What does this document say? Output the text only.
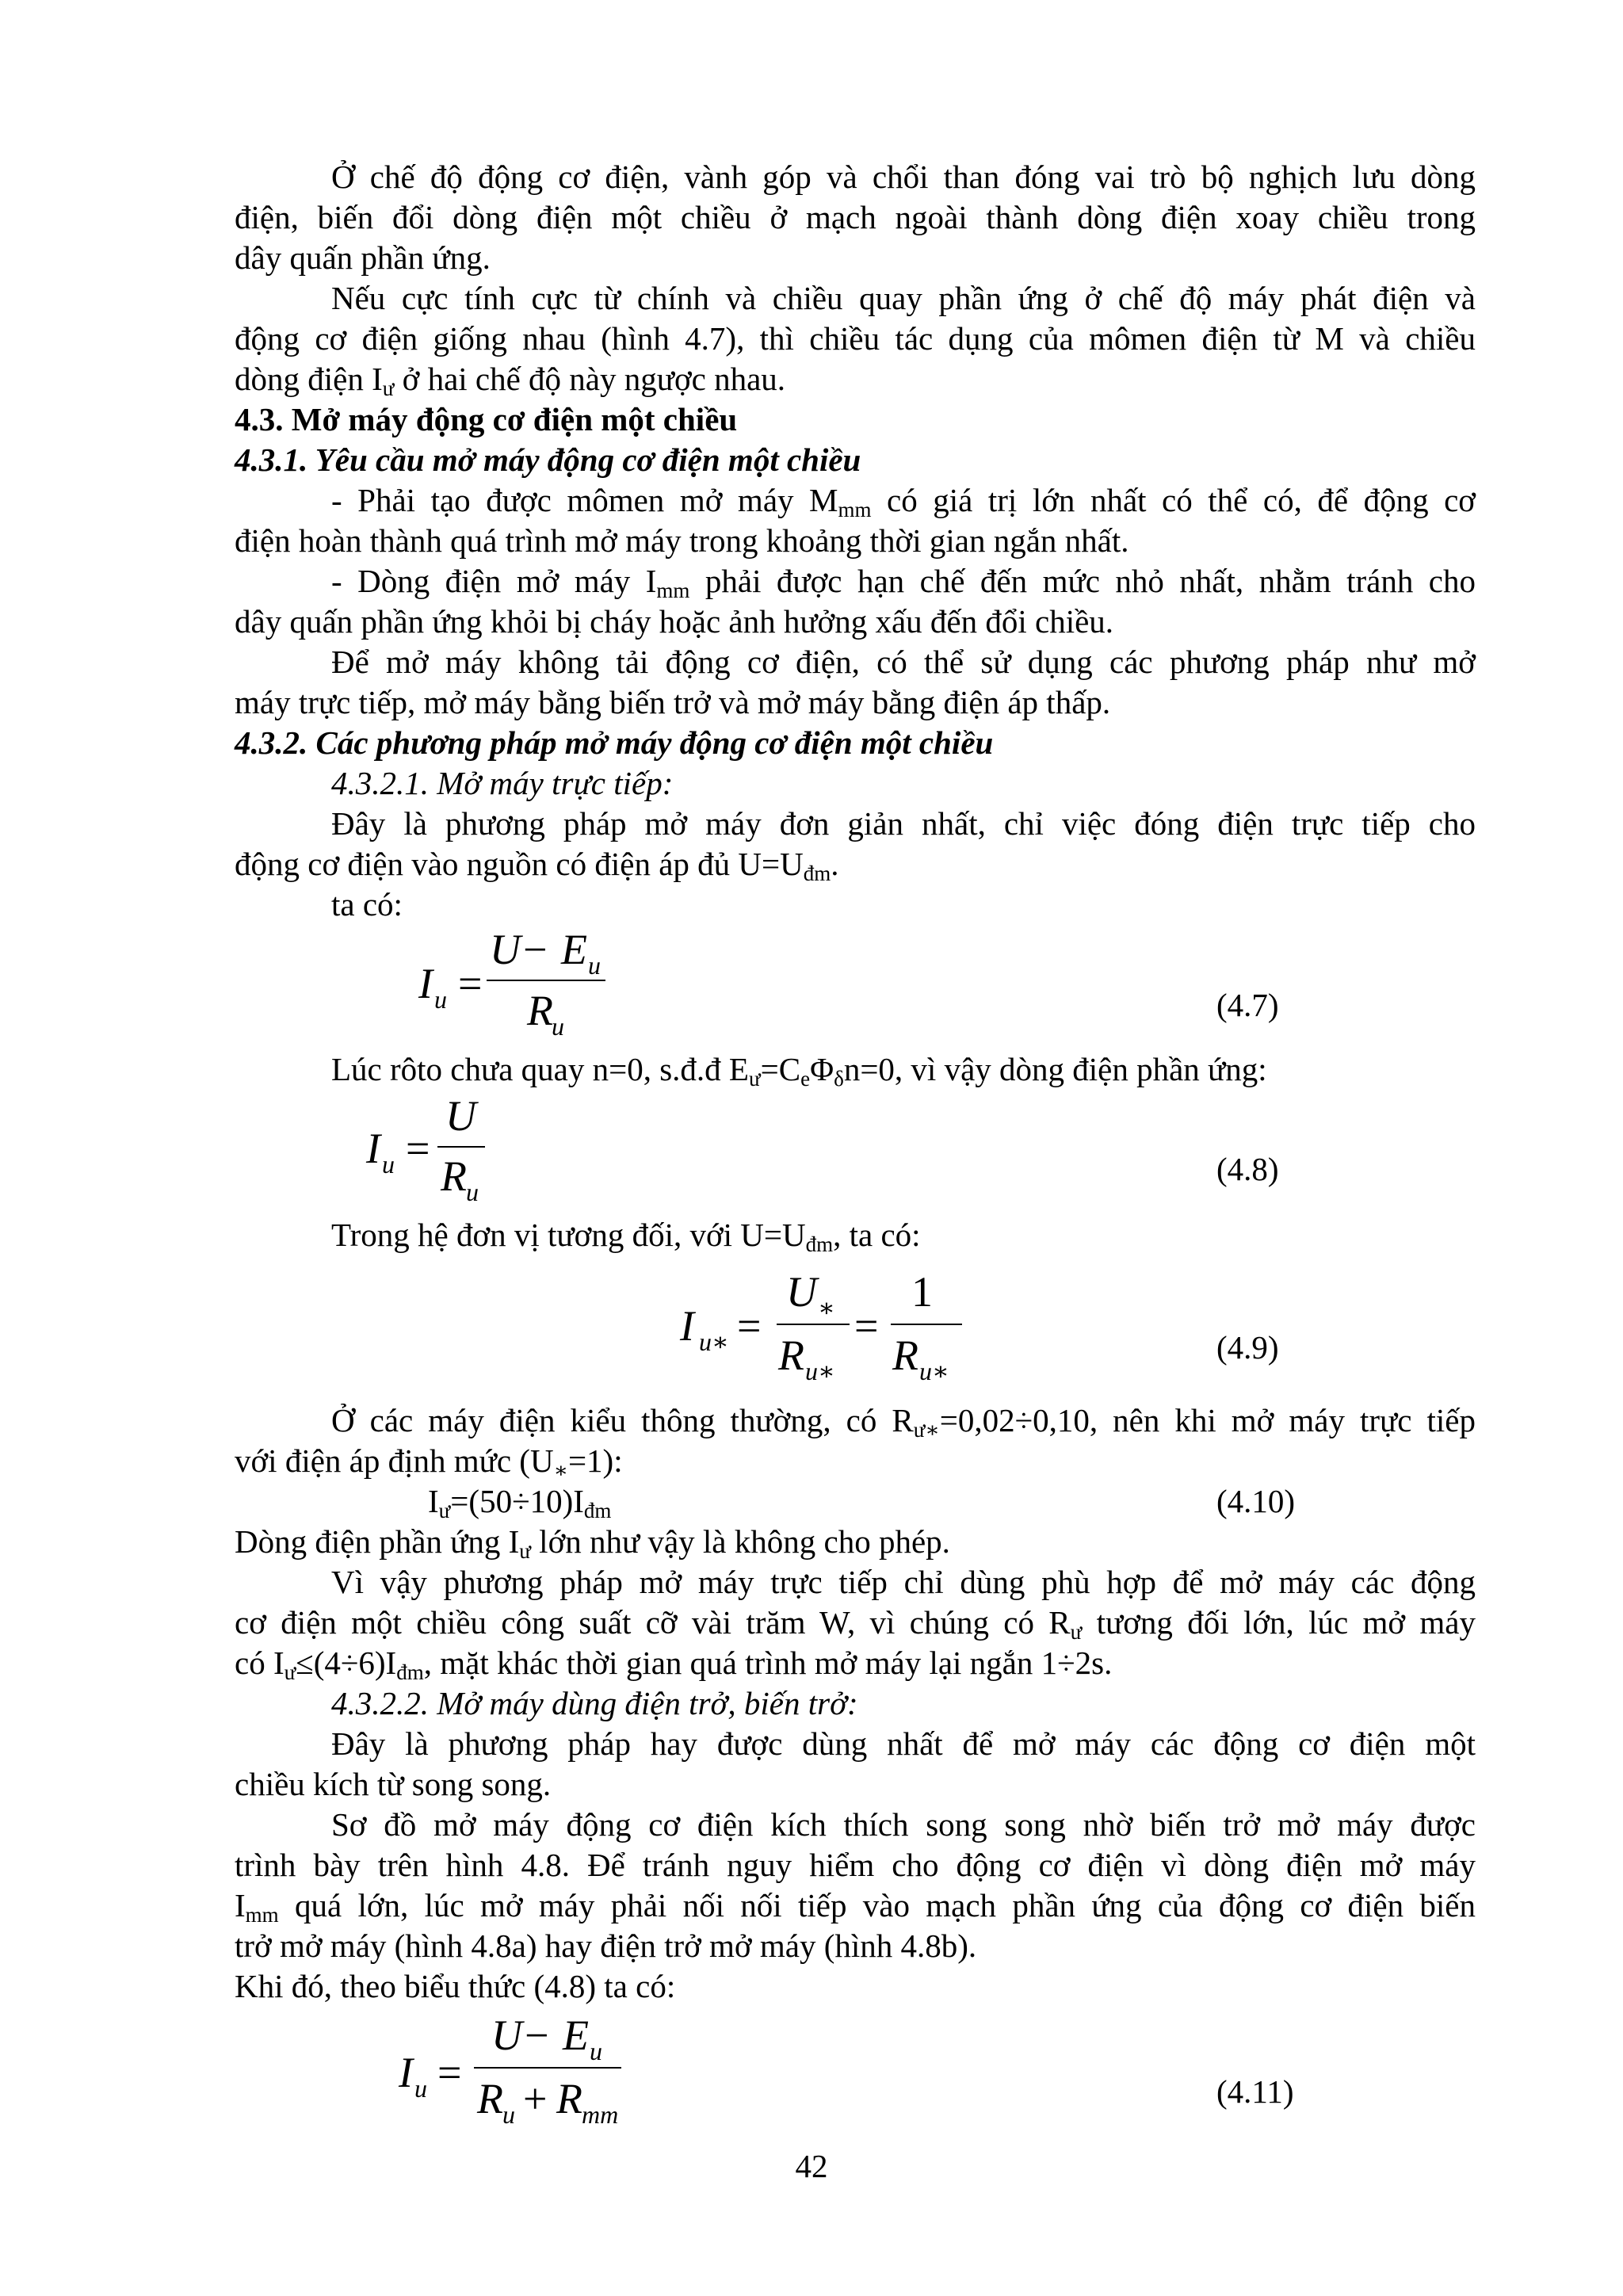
Ở chế độ động cơ điện, vành góp và chổi than đóng vai trò bộ nghịch lưu dòng
điện, biến đổi dòng điện một chiều ở mạch ngoài thành dòng điện xoay chiều trong
dây quấn phần ứng.
Nếu cực tính cực từ chính và chiều quay phần ứng ở chế độ máy phát điện và
động cơ điện giống nhau (hình 4.7), thì chiều tác dụng của mômen điện từ M và chiều
dòng điện $I_ư$ ở hai chế độ này ngược nhau.
4.3. Mở máy động cơ điện một chiều
4.3.1. Yêu cầu mở máy động cơ điện một chiều
- Phải tạo được mômen mở máy $M_{mm}$ có giá trị lớn nhất có thể có, để động cơ
điện hoàn thành quá trình mở máy trong khoảng thời gian ngắn nhất.
- Dòng điện mở máy $I_{mm}$ phải được hạn chế đến mức nhỏ nhất, nhằm tránh cho
dây quấn phần ứng khỏi bị cháy hoặc ảnh hưởng xấu đến đổi chiều.
Để mở máy không tải động cơ điện, có thể sử dụng các phương pháp như mở
máy trực tiếp, mở máy bằng biến trở và mở máy bằng điện áp thấp.
4.3.2. Các phương pháp mở máy động cơ điện một chiều
4.3.2.1. Mở máy trực tiếp:
Đây là phương pháp mở máy đơn giản nhất, chỉ việc đóng điện trực tiếp cho
động cơ điện vào nguồn có điện áp đủ $U=U_{đm}$.
ta có:
I u =
U − E u
R
u
(4.7)
Lúc rôto chưa quay n=0, s.đ.đ $E_ư=C_e\Phi_\delta n=0$, vì vậy dòng điện phần ứng:
I u =
U
R u
(4.8)
Trong hệ đơn vị tương đối, với $U=U_{đm}$, ta có:
I u∗ =
U ∗
R u∗
=
1
R u∗
(4.9)
Ở các máy điện kiểu thông thường, có $R_{ư∗}=0,02\div 0,10$, nên khi mở máy trực tiếp
với điện áp định mức $(U_∗=1)$:
$I_ư=(50\div 10)I_{đm}$	(4.10)
Dòng điện phần ứng $I_ư$ lớn như vậy là không cho phép.
Vì vậy phương pháp mở máy trực tiếp chỉ dùng phù hợp để mở máy các động
cơ điện một chiều công suất cỡ vài trăm W, vì chúng có $R_ư$ tương đối lớn, lúc mở máy
có $I_ư\le(4\div 6)I_{đm}$, mặt khác thời gian quá trình mở máy lại ngắn 1÷2s.
4.3.2.2. Mở máy dùng điện trở, biến trở:
Đây là phương pháp hay được dùng nhất để mở máy các động cơ điện một
chiều kích từ song song.
Sơ đồ mở máy động cơ điện kích thích song song nhờ biến trở mở máy được
trình bày trên hình 4.8. Để tránh nguy hiểm cho động cơ điện vì dòng điện mở máy
$I_{mm}$ quá lớn, lúc mở máy phải nối nối tiếp vào mạch phần ứng của động cơ điện biến
trở mở máy (hình 4.8a) hay điện trở mở máy (hình 4.8b).
Khi đó, theo biểu thức (4.8) ta có:
I u =
U − E u
R u + R mm
(4.11)
42
